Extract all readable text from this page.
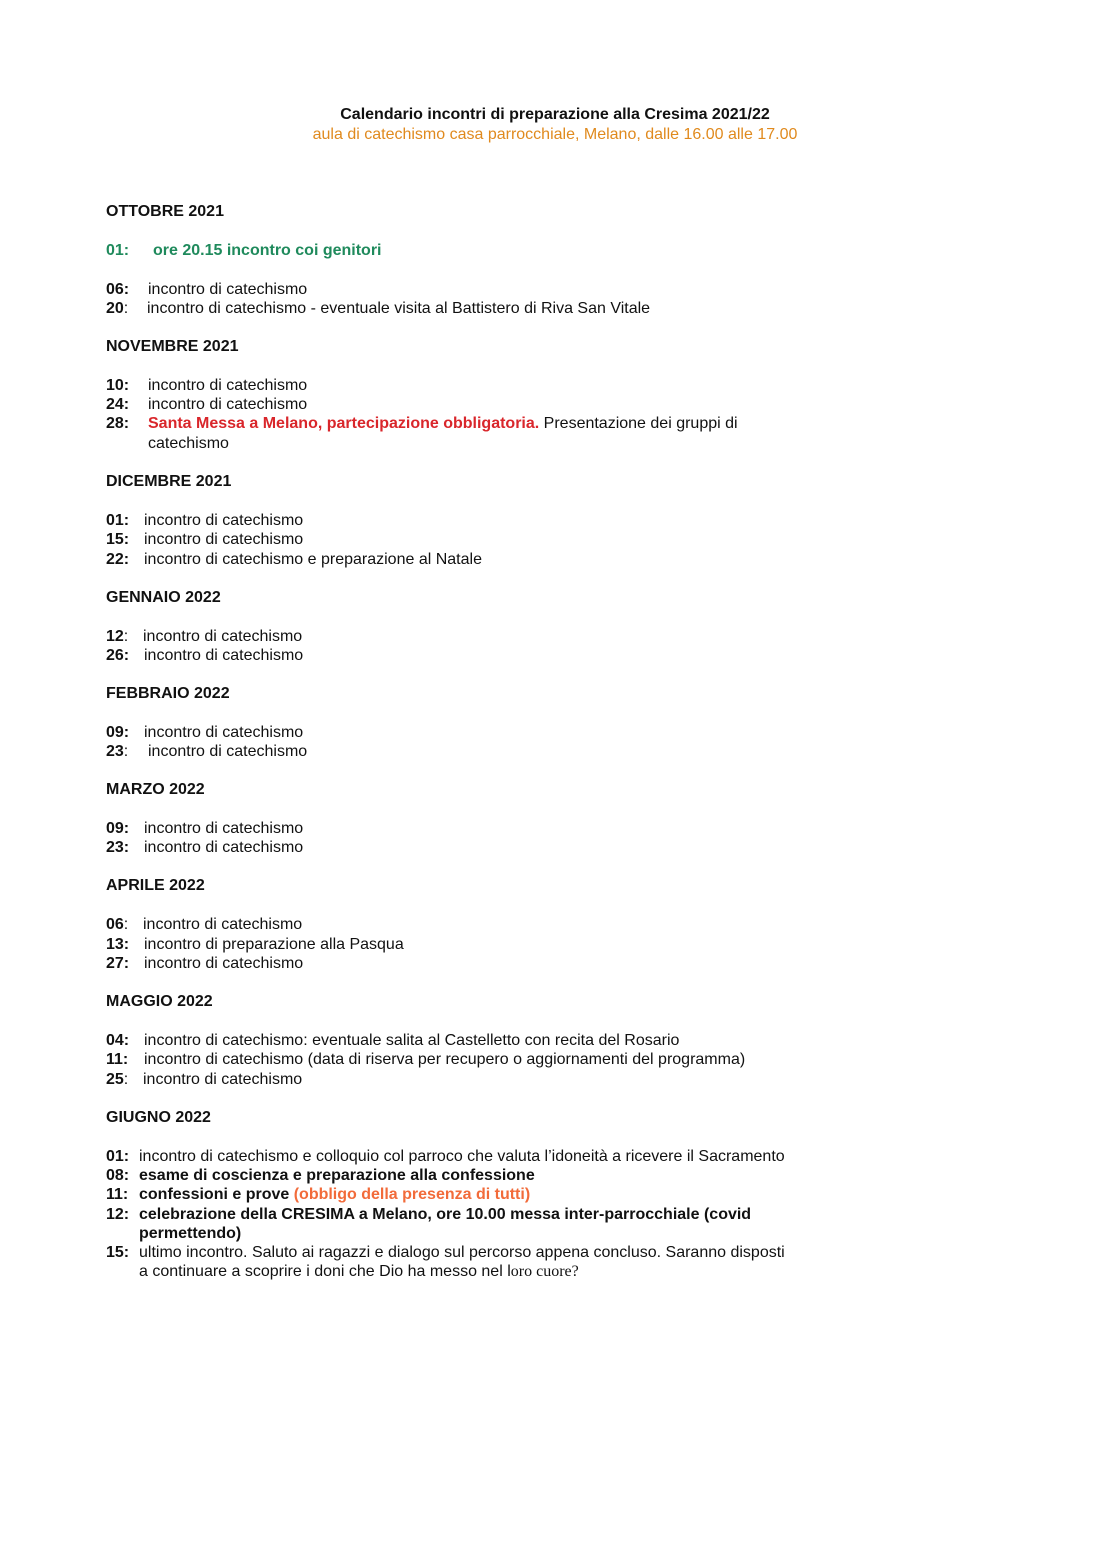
Calendario incontri di preparazione alla Cresima 2021/22
aula di catechismo casa parrocchiale, Melano, dalle 16.00 alle 17.00
OTTOBRE 2021
01: ore 20.15 incontro coi genitori
06: incontro di catechismo
20: incontro di catechismo - eventuale visita al Battistero di Riva San Vitale
NOVEMBRE 2021
10: incontro di catechismo
24: incontro di catechismo
28: Santa Messa a Melano, partecipazione obbligatoria. Presentazione dei gruppi di
catechismo
DICEMBRE 2021
01: incontro di catechismo
15: incontro di catechismo
22: incontro di catechismo e preparazione al Natale
GENNAIO 2022
12: incontro di catechismo
26: incontro di catechismo
FEBBRAIO 2022
09: incontro di catechismo
23: incontro di catechismo
MARZO 2022
09: incontro di catechismo
23: incontro di catechismo
APRILE 2022
06: incontro di catechismo
13: incontro di preparazione alla Pasqua
27: incontro di catechismo
MAGGIO 2022
04: incontro di catechismo: eventuale salita al Castelletto con recita del Rosario
11: incontro di catechismo (data di riserva per recupero o aggiornamenti del programma)
25: incontro di catechismo
GIUGNO 2022
01: incontro di catechismo e colloquio col parroco che valuta l’idoneità a ricevere il Sacramento
08: esame di coscienza e preparazione alla confessione
11: confessioni e prove (obbligo della presenza di tutti)
12: celebrazione della CRESIMA a Melano, ore 10.00 messa inter-parrocchiale (covid
permettendo)
15: ultimo incontro. Saluto ai ragazzi e dialogo sul percorso appena concluso. Saranno disposti
a continuare a scoprire i doni che Dio ha messo nel loro cuore?
